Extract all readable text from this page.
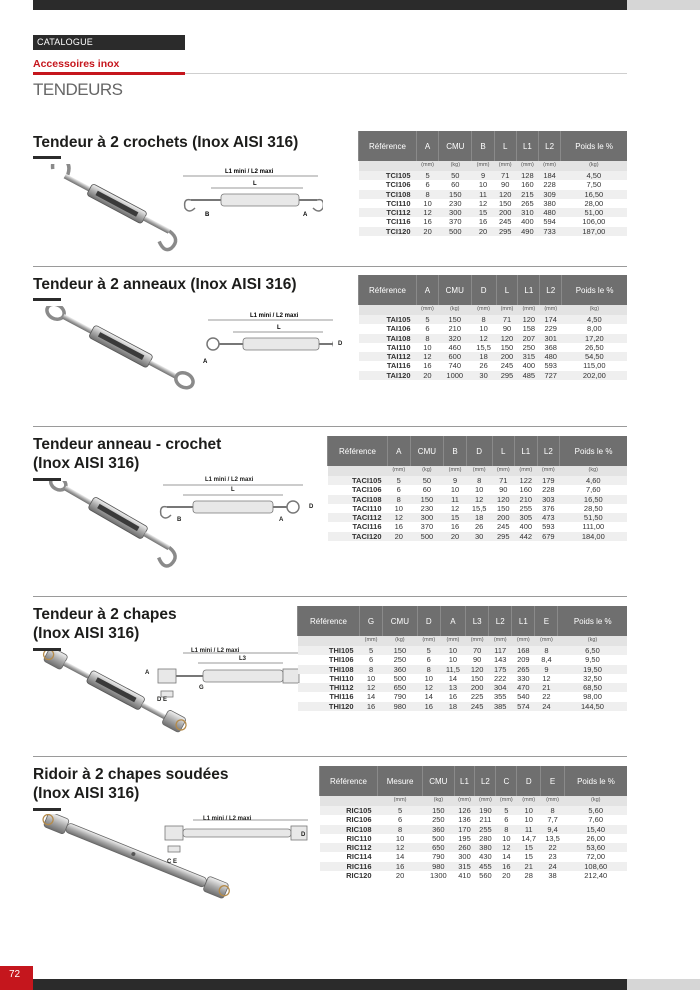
CATALOGUE
Accessoires inox
TENDEURS
Tendeur à 2 crochets (Inox AISI 316)
L1 mini / L2 maxi
L
B	A
Référence	A	CMU	B	L	L1	L2	Poids le %
	(mm)	(kg)	(mm)	(mm)	(mm)	(mm)	(kg)
TCI105	5	50	9	71	128	184	4,50
TCI106	6	60	10	90	160	228	7,50
TCI108	8	150	11	120	215	309	16,50
TCI110	10	230	12	150	265	380	28,00
TCI112	12	300	15	200	310	480	51,00
TCI116	16	370	16	245	400	594	106,00
TCI120	20	500	20	295	490	733	187,00
Tendeur à 2 anneaux (Inox AISI 316)
L1 mini / L2 maxi
L
A
D
Référence	A	CMU	D	L	L1	L2	Poids le %
	(mm)	(kg)	(mm)	(mm)	(mm)	(mm)	(kg)
TAI105	5	150	8	71	120	174	4,50
TAI106	6	210	10	90	158	229	8,00
TAI108	8	320	12	120	207	301	17,20
TAI110	10	460	15,5	150	250	368	26,50
TAI112	12	600	18	200	315	480	54,50
TAI116	16	740	26	245	400	593	115,00
TAI120	20	1000	30	295	485	727	202,00
Tendeur anneau - crochet
(Inox AISI 316)
L1 mini / L2 maxi
L
B	A
D
Référence	A	CMU	B	D	L	L1	L2	Poids le %
	(mm)	(kg)	(mm)	(mm)	(mm)	(mm)	(mm)	(kg)
TACI105	5	50	9	8	71	122	179	4,60
TACI106	6	60	10	10	90	160	228	7,60
TACI108	8	150	11	12	120	210	303	16,50
TACI110	10	230	12	15,5	150	255	376	28,50
TACI112	12	300	15	18	200	305	473	51,50
TACI116	16	370	16	26	245	400	593	111,00
TACI120	20	500	20	30	295	442	679	184,00
Tendeur à 2 chapes
(Inox AISI 316)
L1 mini / L2 maxi
L3
A
G
D E
Référence	G	CMU	D	A	L3	L2	L1	E	Poids le %
	(mm)	(kg)	(mm)	(mm)	(mm)	(mm)	(mm)	(mm)	(kg)
THI105	5	150	5	10	70	117	168	8	6,50
THI106	6	250	6	10	90	143	209	8,4	9,50
THI108	8	360	8	11,5	120	175	265	9	19,50
THI110	10	500	10	14	150	222	330	12	32,50
THI112	12	650	12	13	200	304	470	21	68,50
THI116	14	790	14	16	225	355	540	22	98,00
THI120	16	980	16	18	245	385	574	24	144,50
Ridoir à 2 chapes soudées
(Inox AISI 316)
L1 mini / L2 maxi
D
C E
Référence	Mesure	CMU	L1	L2	C	D	E	Poids le %
	(mm)	(kg)	(mm)	(mm)	(mm)	(mm)	(mm)	(kg)
RIC105	5	150	126	190	5	10	8	5,60
RIC106	6	250	136	211	6	10	7,7	7,60
RIC108	8	360	170	255	8	11	9,4	15,40
RIC110	10	500	195	280	10	14,7	13,5	26,00
RIC112	12	650	260	380	12	15	22	53,60
RIC114	14	790	300	430	14	15	23	72,00
RIC116	16	980	315	455	16	21	24	108,60
RIC120	20	1300	410	560	20	28	38	212,40
72
